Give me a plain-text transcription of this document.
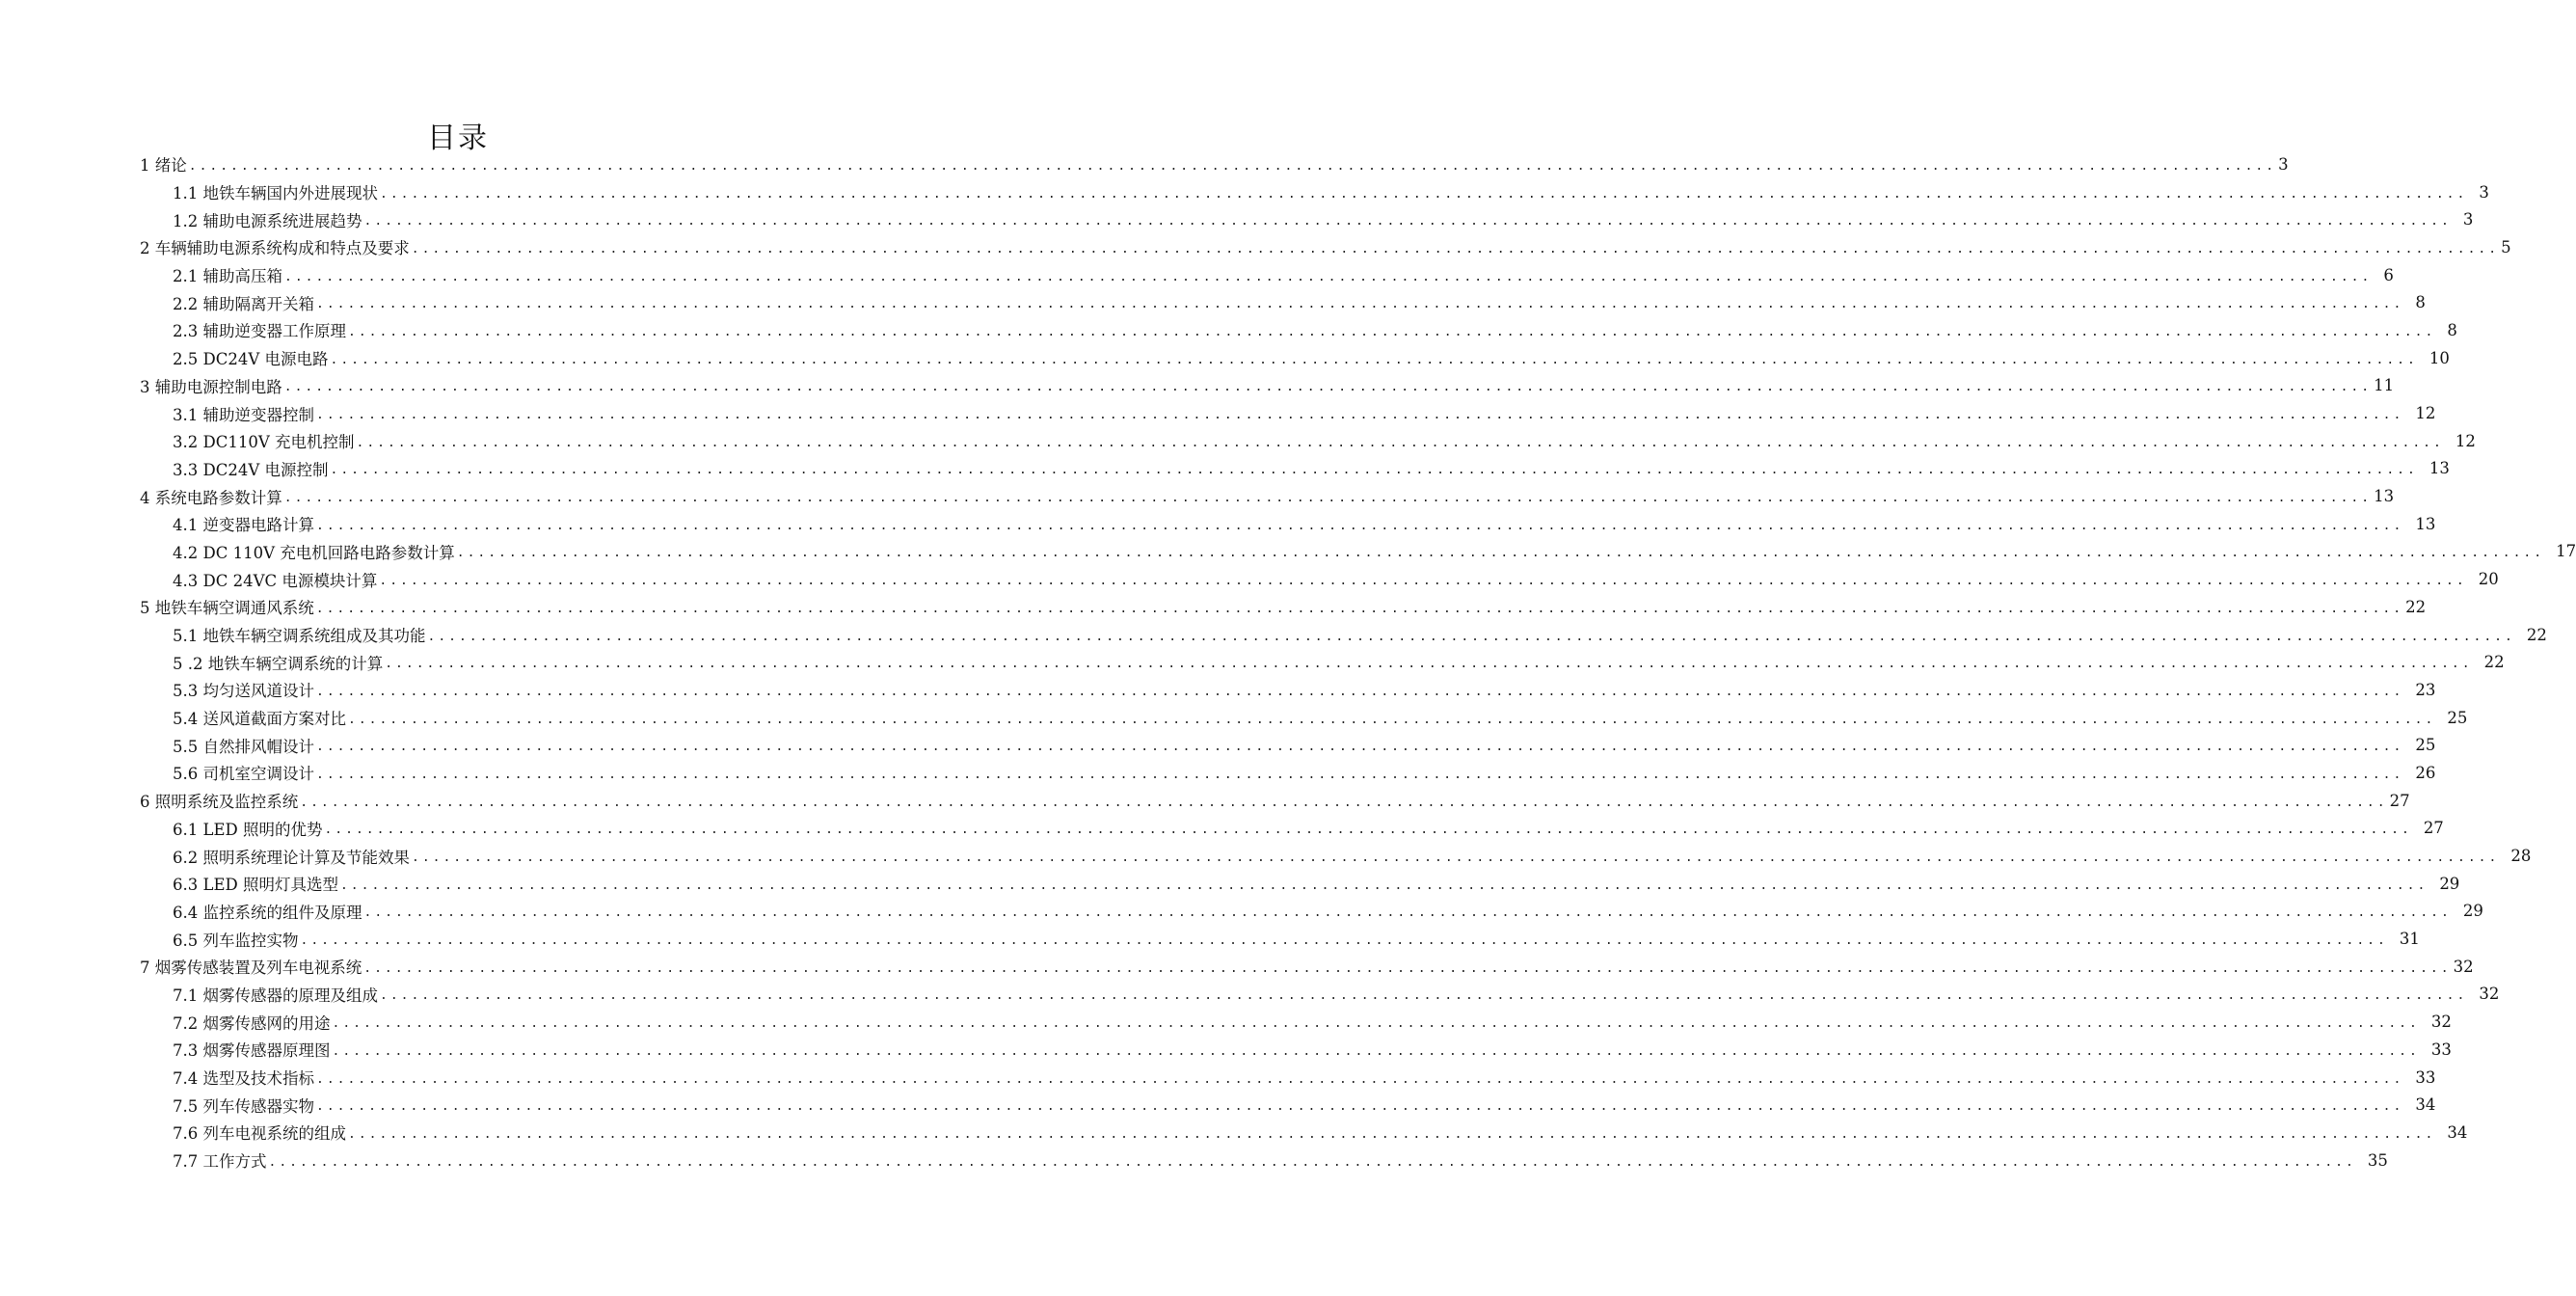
目录
1 绪论 ........................................................................................................................................................................................................ 3
1.1 地铁车辆国内外进展现状 ........................................................................................................................................................................................................ 3
1.2 辅助电源系统进展趋势 ........................................................................................................................................................................................................ 3
2 车辆辅助电源系统构成和特点及要求 ........................................................................................................................................................................................................ 5
2.1 辅助高压箱 ........................................................................................................................................................................................................ 6
2.2 辅助隔离开关箱 ........................................................................................................................................................................................................ 8
2.3 辅助逆变器工作原理 ........................................................................................................................................................................................................ 8
2.5 DC24V 电源电路 ........................................................................................................................................................................................................ 10
3 辅助电源控制电路 ........................................................................................................................................................................................................ 11
3.1 辅助逆变器控制 ........................................................................................................................................................................................................ 12
3.2 DC110V 充电机控制 ........................................................................................................................................................................................................ 12
3.3 DC24V 电源控制 ........................................................................................................................................................................................................ 13
4 系统电路参数计算 ........................................................................................................................................................................................................ 13
4.1 逆变器电路计算 ........................................................................................................................................................................................................ 13
4.2 DC 110V 充电机回路电路参数计算 ........................................................................................................................................................................................................ 17
4.3 DC 24VC 电源模块计算 ........................................................................................................................................................................................................ 20
5 地铁车辆空调通风系统 ........................................................................................................................................................................................................ 22
5.1 地铁车辆空调系统组成及其功能 ........................................................................................................................................................................................................ 22
5 .2 地铁车辆空调系统的计算 ........................................................................................................................................................................................................ 22
5.3 均匀送风道设计 ........................................................................................................................................................................................................ 23
5.4 送风道截面方案对比 ........................................................................................................................................................................................................ 25
5.5 自然排风帽设计 ........................................................................................................................................................................................................ 25
5.6 司机室空调设计 ........................................................................................................................................................................................................ 26
6 照明系统及监控系统 ........................................................................................................................................................................................................ 27
6.1 LED 照明的优势 ........................................................................................................................................................................................................ 27
6.2 照明系统理论计算及节能效果 ........................................................................................................................................................................................................ 28
6.3 LED 照明灯具选型 ........................................................................................................................................................................................................ 29
6.4 监控系统的组件及原理 ........................................................................................................................................................................................................ 29
6.5 列车监控实物 ........................................................................................................................................................................................................ 31
7 烟雾传感装置及列车电视系统 ........................................................................................................................................................................................................ 32
7.1 烟雾传感器的原理及组成 ........................................................................................................................................................................................................ 32
7.2 烟雾传感网的用途 ........................................................................................................................................................................................................ 32
7.3 烟雾传感器原理图 ........................................................................................................................................................................................................ 33
7.4 选型及技术指标 ........................................................................................................................................................................................................ 33
7.5 列车传感器实物 ........................................................................................................................................................................................................ 34
7.6 列车电视系统的组成 ........................................................................................................................................................................................................ 34
7.7 工作方式 ........................................................................................................................................................................................................ 35
